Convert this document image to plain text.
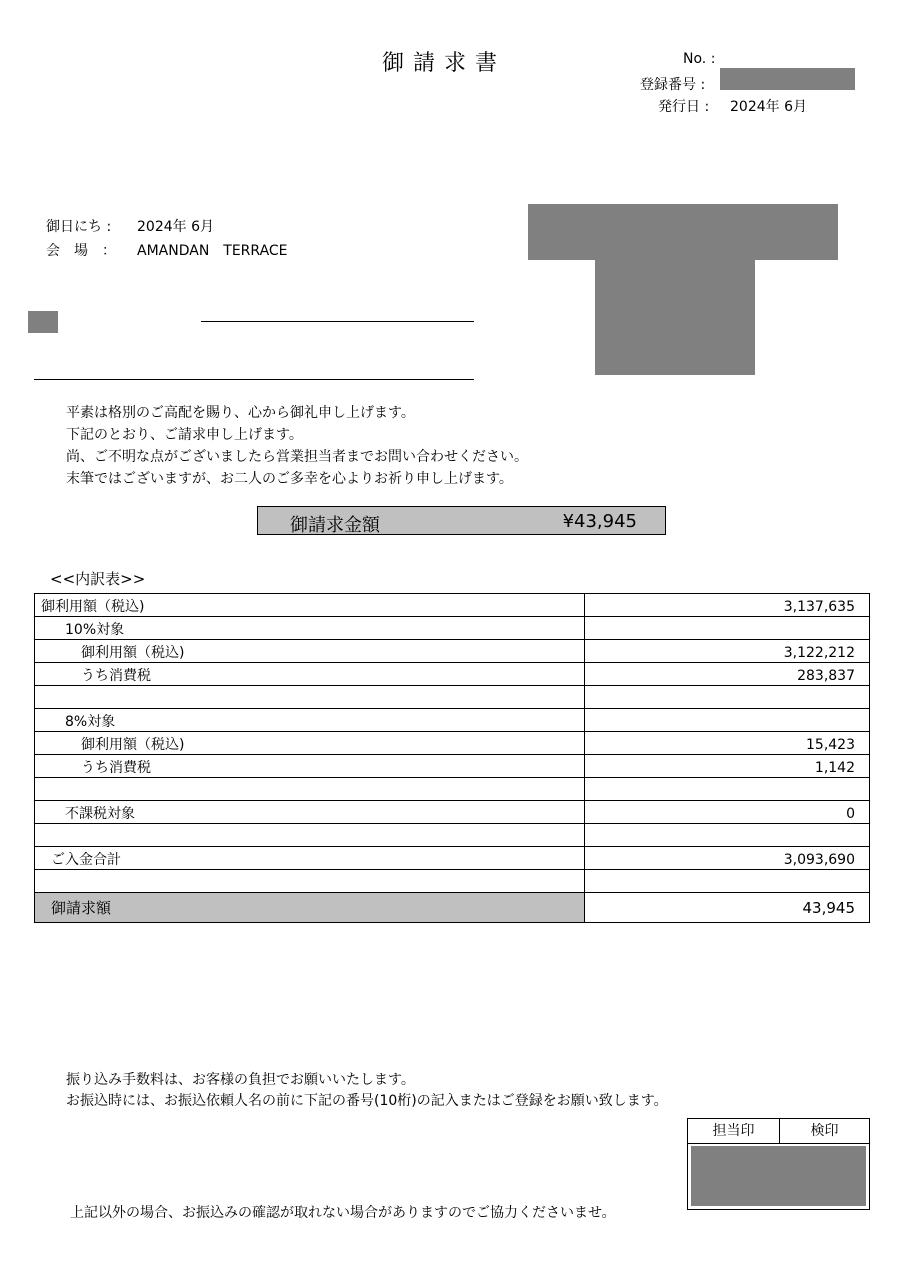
御請求書	No. :
登録番号 :
発行日 : 2024年 6月
御日にち : 2024年 6月
会　場　： AMANDAN　TERRACE
平素は格別のご高配を賜り、心から御礼申し上げます。
下記のとおり、ご請求申し上げます。
尚、ご不明な点がございましたら営業担当者までお問い合わせください。
末筆ではございますが、お二人のご多幸を心よりお祈り申し上げます。
御請求金額	¥43,945
<<内訳表>>
御利用額（税込)	3,137,635
10%対象	
御利用額（税込)	3,122,212
うち消費税	283,837

8%対象	
御利用額（税込)	15,423
うち消費税	1,142

不課税対象	0

ご入金合計	3,093,690

御請求額	43,945
振り込み手数料は、お客様の負担でお願いいたします。
お振込時には、お振込依頼人名の前に下記の番号(10桁)の記入またはご登録をお願い致します。
担当印	検印
上記以外の場合、お振込みの確認が取れない場合がありますのでご協力くださいませ。
